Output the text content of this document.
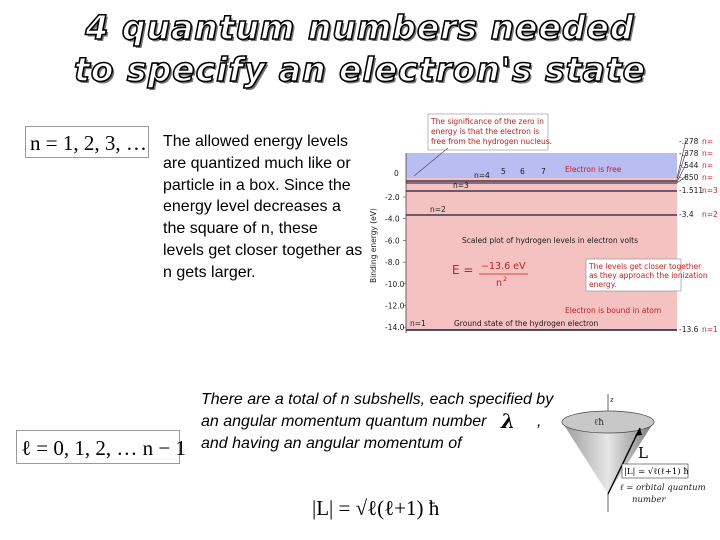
4 quantum numbers needed
to specify an electron's state
n = 1, 2, 3, … The allowed energy levels are quantized much like or particle in a box. Since the energy level decreases a the square of n, these levels get closer together as n gets larger.	Binding energy (eV)
0
-2.0
-4.0
-6.0
-8.0
-10.0
-12.0
-14.0
The significance of the zero in
energy is that the electron is
free from the hydrogen nucleus.
Electron is free
n=4 5 6 7
n=3
n=2
n=1
Scaled plot of hydrogen levels in electron volts
E = −13.6 eV
n 2
The levels get closer together
as they approach the ionization
energy.
Electron is bound in atom
Ground state of the hydrogen electron
-.278 n=
-.378 n=
-.544 n=
-.850 n=
-1.511
n=3
-3.4 n=2
-13.6 n=1
ℓ = 0, 1, 2, … n − 1
There are a total of n subshells, each specified by an angular momentum quantum number λ , and having an angular momentum of
|L| = √ℓ(ℓ+1) ħ
z
ℓħ
L
|L| = √ℓ(ℓ+1) ħ
ℓ = orbital quantum
number
